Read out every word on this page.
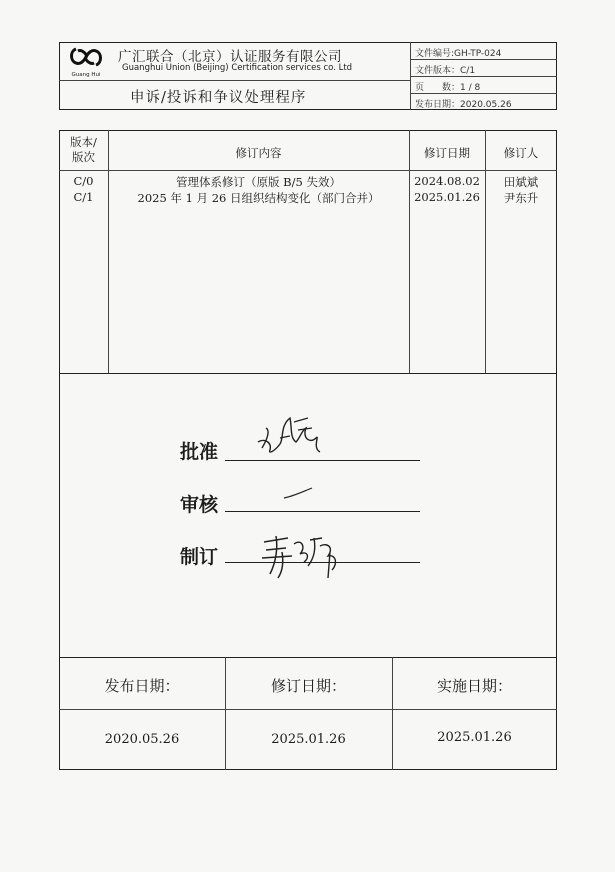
Guang Hui
广汇联合（北京）认证服务有限公司
Guanghui Union (Beijing) Certification services co. Ltd
申诉/投诉和争议处理程序
文件编号:GH-TP-024
文件版本：C/1
页　　数：1 / 8
发布日期：2020.05.26
版本/
版次	修订内容	修订日期	修订人
C/0	管理体系修订（原版 B/5 失效）	2024.08.02	田斌斌
C/1	2025 年 1 月 26 日组织结构变化（部门合并）	2025.01.26	尹东升
批准
审核
制订
发布日期：	修订日期：	实施日期：
2020.05.26	2025.01.26	2025.01.26
